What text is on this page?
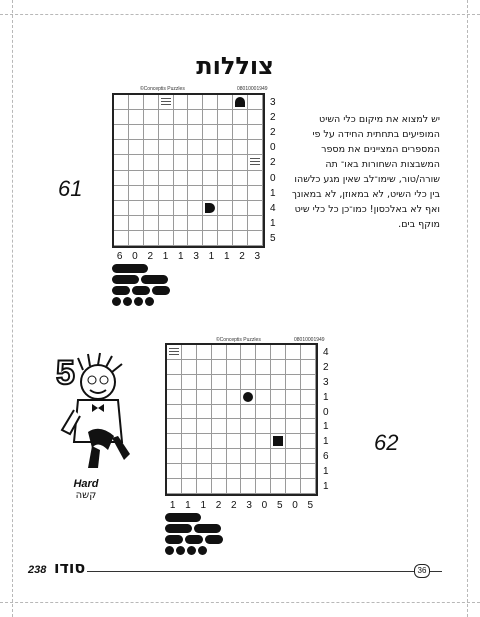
צוללות
יש למצוא את מיקום כלי השיט המופיעים בתחתית החידה על פי המספרים המציינים את מספר המשבצות השחורות באו־ תה שורה/טור, שימו־לב שאין מגע כלשהו בין כלי השיט, לא במאוזן, לא במאונך ואף לא באלכסון! כמו־כן כל כלי שיט מוקף בים.
61
©Conceptis Puzzles	08010001949
3
2
2
0
2
0
1
4
1
5
6 0 2 1 1 3 1 1 2 3
62
©Conceptis Puzzles	08010001949
4
2
3
1
0
1
1
6
1
1
1 1 1 2 2 3 0 5 0 5
5
Hard
קשה
238 סודו	36
